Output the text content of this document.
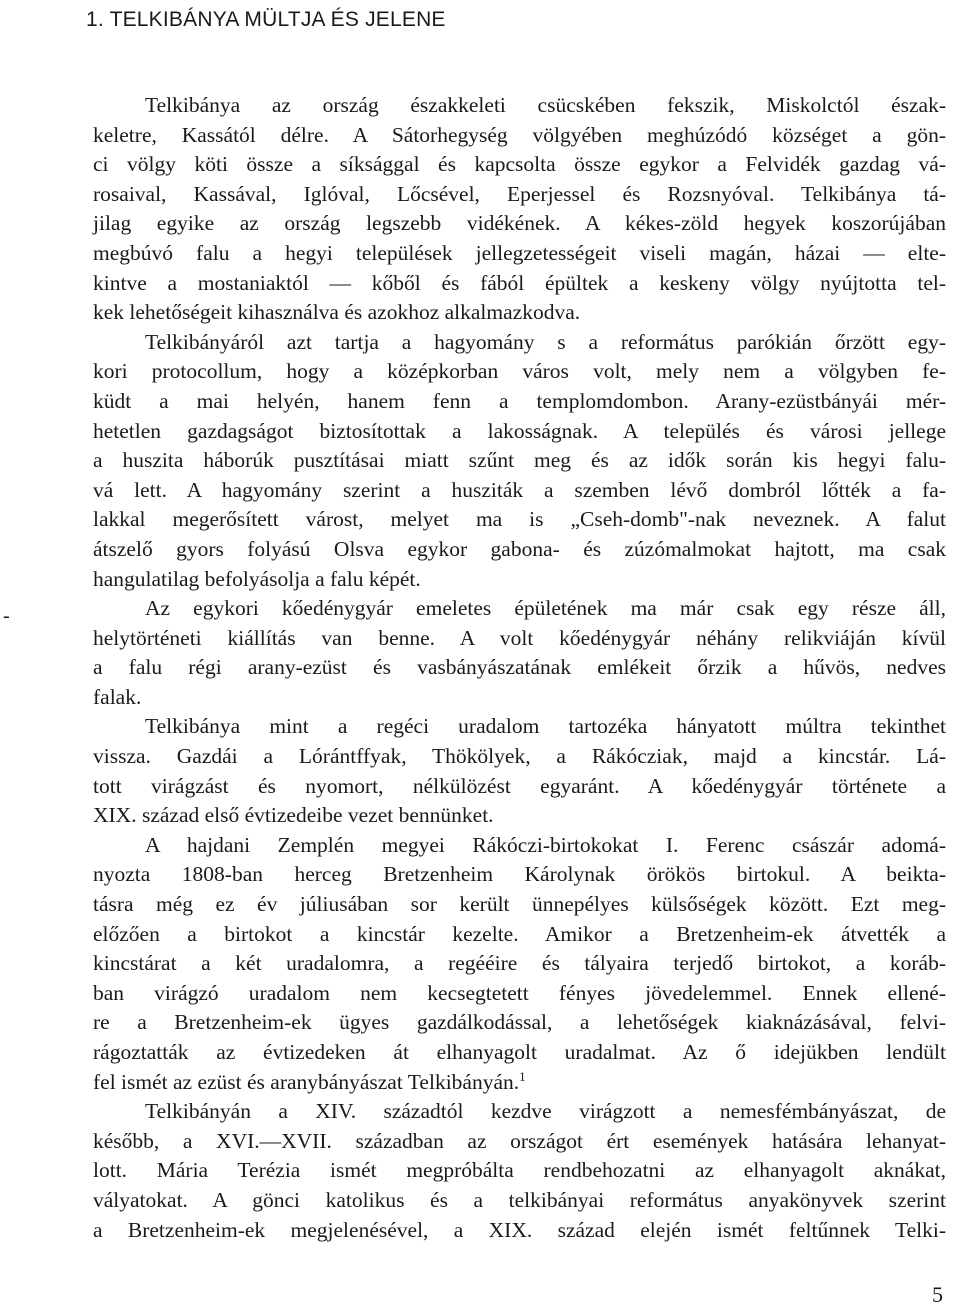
1. TELKIBÁNYA MÜLTJA ÉS JELENE
Telkibánya az ország északkeleti csücskében fekszik, Miskolctól észak-
keletre, Kassától délre. A Sátorhegység völgyében meghúzódó községet a gön-
ci völgy köti össze a síksággal és kapcsolta össze egykor a Felvidék gazdag vá-
rosaival, Kassával, Iglóval, Lőcsével, Eperjessel és Rozsnyóval. Telkibánya tá-
jilag egyike az ország legszebb vidékének. A kékes-zöld hegyek koszorújában
megbúvó falu a hegyi települések jellegzetességeit viseli magán, házai — elte-
kintve a mostaniaktól — kőből és fából épültek a keskeny völgy nyújtotta tel-
kek lehetőségeit kihasználva és azokhoz alkalmazkodva.
Telkibányáról azt tartja a hagyomány s a református parókián őrzött egy-
kori protocollum, hogy a középkorban város volt, mely nem a völgyben fe-
küdt a mai helyén, hanem fenn a templomdombon. Arany-ezüstbányái mér-
hetetlen gazdagságot biztosítottak a lakosságnak. A település és városi jellege
a huszita háborúk pusztításai miatt szűnt meg és az idők során kis hegyi falu-
vá lett. A hagyomány szerint a husziták a szemben lévő dombról lőtték a fa-
lakkal megerősített várost, melyet ma is „Cseh-domb"-nak neveznek. A falut
átszelő gyors folyású Olsva egykor gabona- és zúzómalmokat hajtott, ma csak
hangulatilag befolyásolja a falu képét.
Az egykori kőedénygyár emeletes épületének ma már csak egy része áll,
helytörténeti kiállítás van benne. A volt kőedénygyár néhány relikviáján kívül
a falu régi arany-ezüst és vasbányászatának emlékeit őrzik a hűvös, nedves
falak.
Telkibánya mint a regéci uradalom tartozéka hányatott múltra tekinthet
vissza. Gazdái a Lórántffyak, Thökölyek, a Rákócziak, majd a kincstár. Lá-
tott virágzást és nyomort, nélkülözést egyaránt. A kőedénygyár története a
XIX. század első évtizedeibe vezet bennünket.
A hajdani Zemplén megyei Rákóczi-birtokokat I. Ferenc császár adomá-
nyozta 1808-ban herceg Bretzenheim Károlynak örökös birtokul. A beikta-
tásra még ez év júliusában sor került ünnepélyes külsőségek között. Ezt meg-
előzően a birtokot a kincstár kezelte. Amikor a Bretzenheim-ek átvették a
kincstárat a két uradalomra, a regééire és tályaira terjedő birtokot, a koráb-
ban virágzó uradalom nem kecsegtetett fényes jövedelemmel. Ennek ellené-
re a Bretzenheim-ek ügyes gazdálkodással, a lehetőségek kiaknázásával, felvi-
rágoztatták az évtizedeken át elhanyagolt uradalmat. Az ő idejükben lendült
fel ismét az ezüst és aranybányászat Telkibányán.$^1$
Telkibányán a XIV. századtól kezdve virágzott a nemesfémbányászat, de
később, a XVI.—XVII. században az országot ért események hatására lehanyat-
lott. Mária Terézia ismét megpróbálta rendbehozatni az elhanyagolt aknákat,
vályatokat. A gönci katolikus és a telkibányai református anyakönyvek szerint
a Bretzenheim-ek megjelenésével, a XIX. század elején ismét feltűnnek Telki-
-
5
